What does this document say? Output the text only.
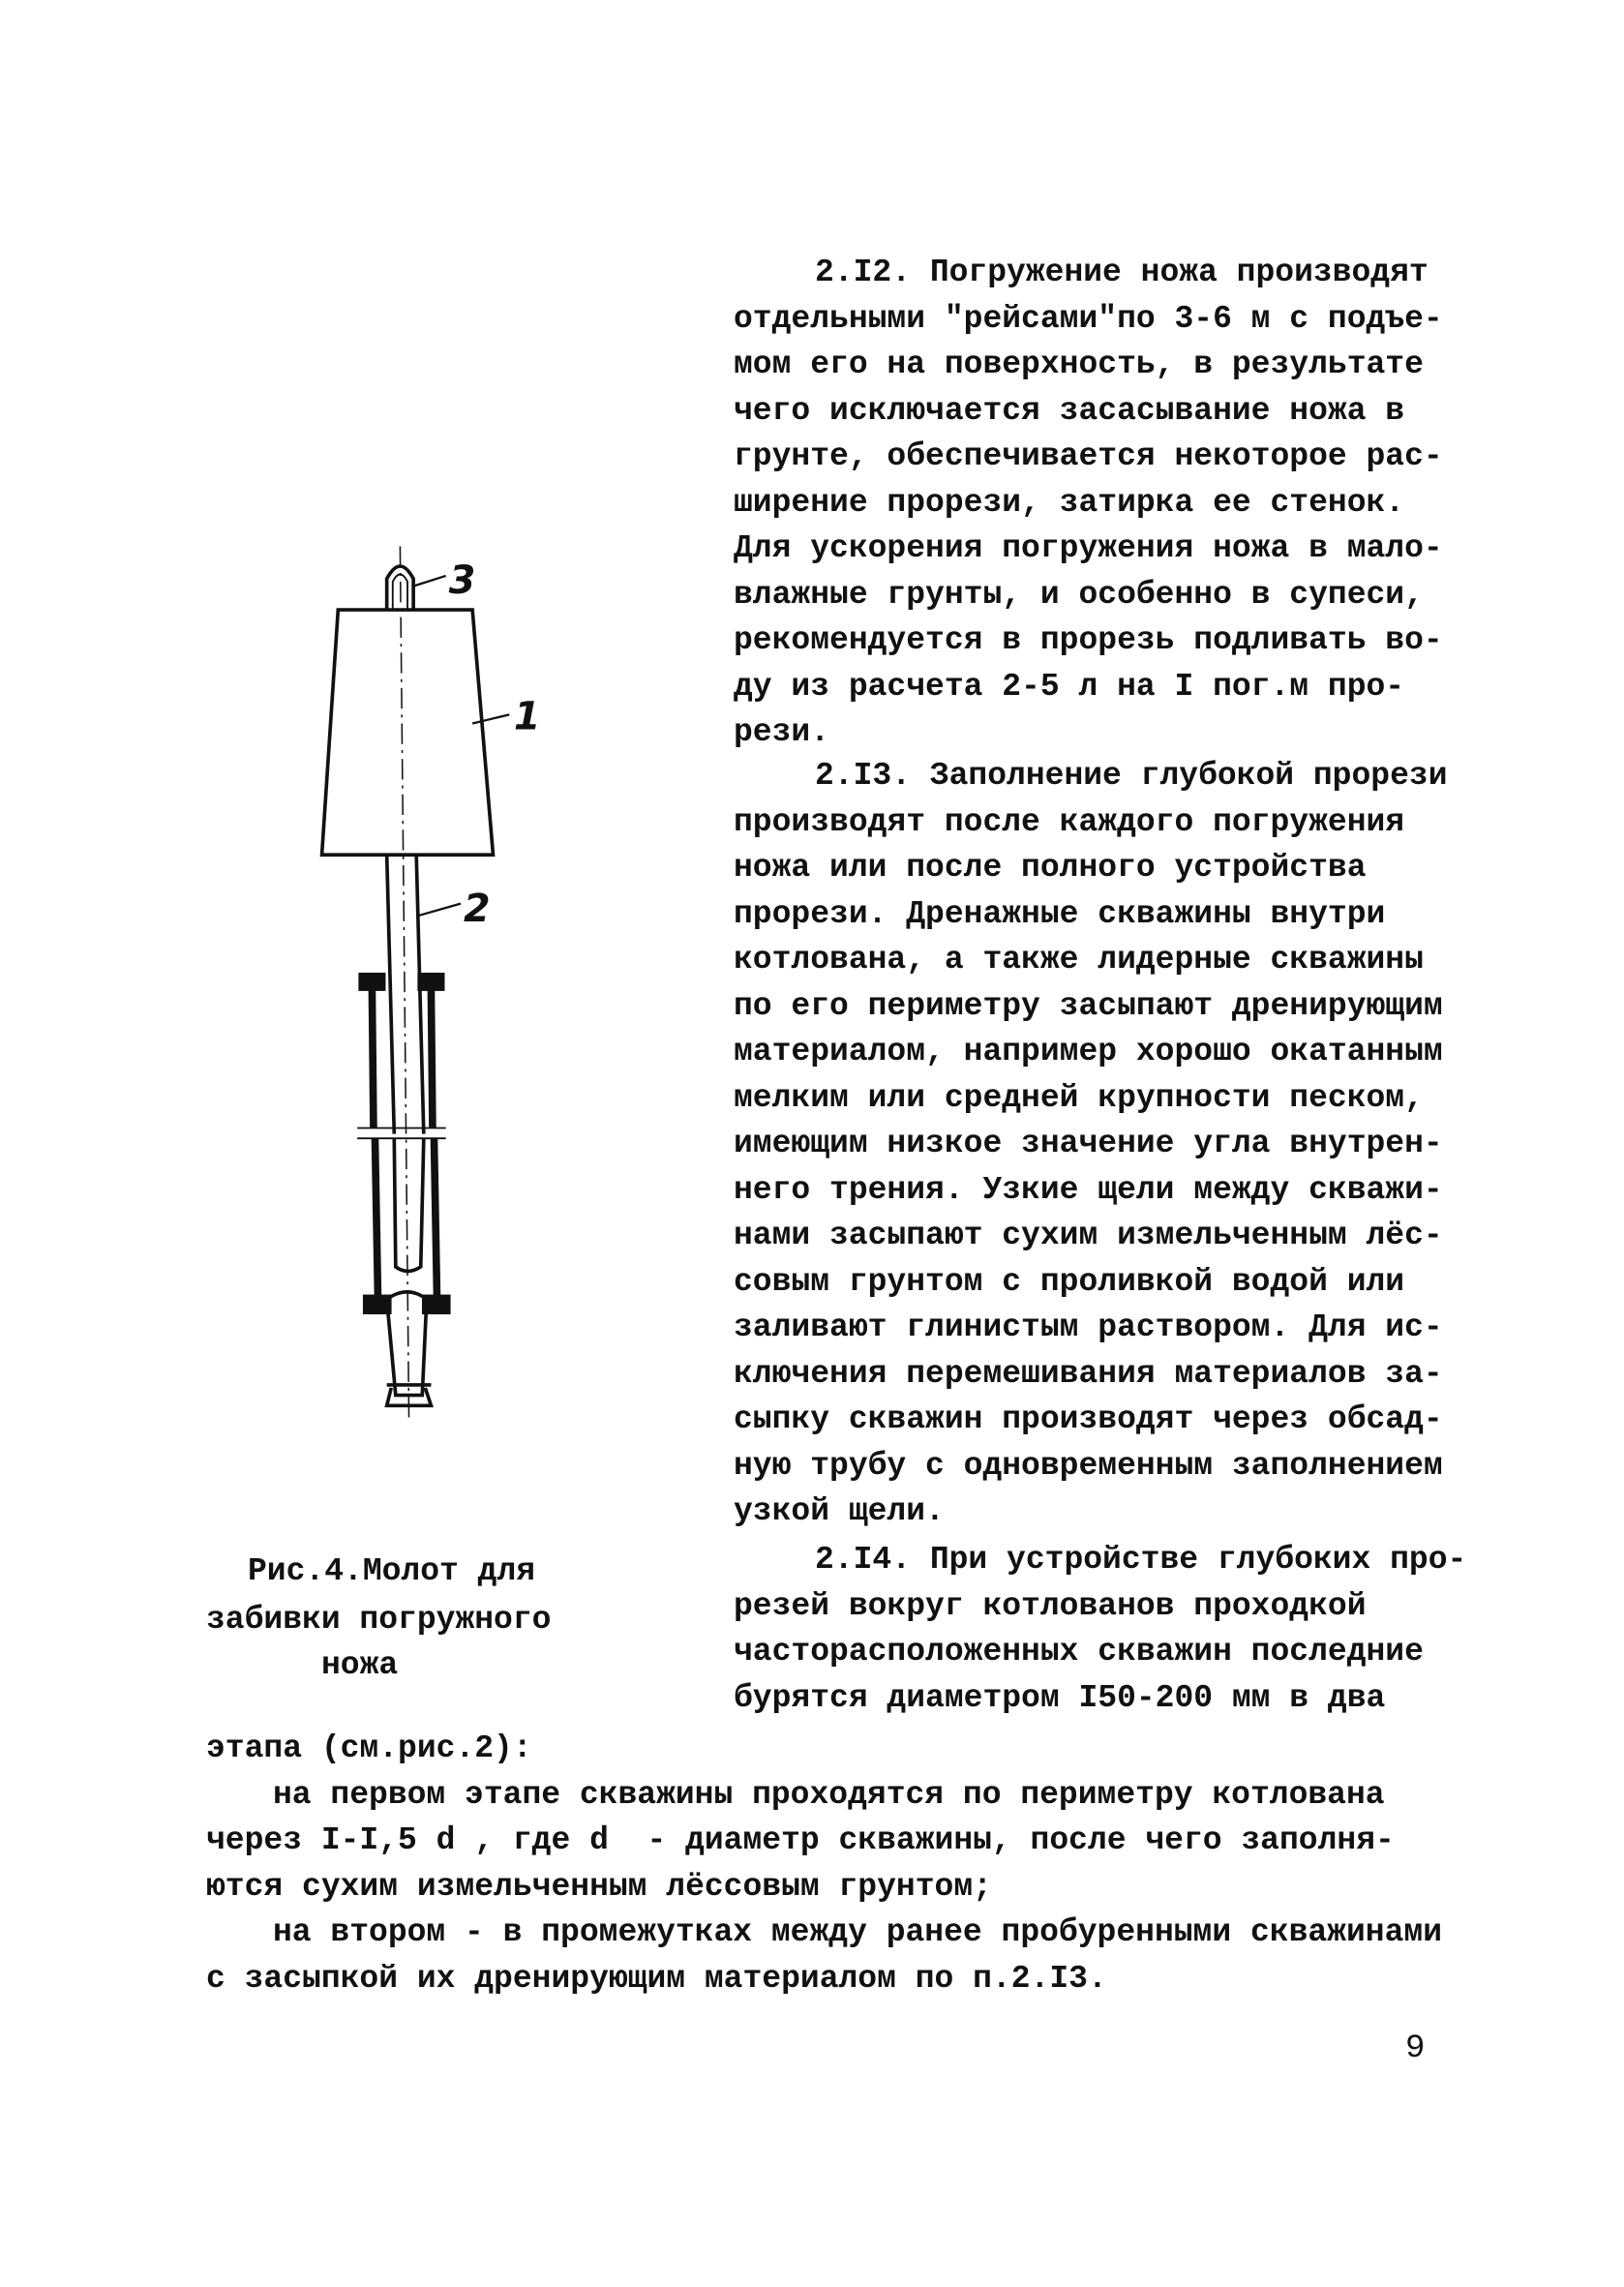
3
1
2
2.I2. Погружение ножа производят
отдельными "рейсами"по 3-6 м с подъе-
мом его на поверхность, в результате
чего исключается засасывание ножа в
грунте, обеспечивается некоторое рас-
ширение прорези, затирка ее стенок.
Для ускорения погружения ножа в мало-
влажные грунты, и особенно в супеси,
рекомендуется в прорезь подливать во-
ду из расчета 2-5 л на I пог.м про-
рези.
2.I3. Заполнение глубокой прорези
производят после каждого погружения
ножа или после полного устройства
прорези. Дренажные скважины внутри
котлована, а также лидерные скважины
по его периметру засыпают дренирующим
материалом, например хорошо окатанным
мелким или средней крупности песком,
имеющим низкое значение угла внутрен-
него трения. Узкие щели между скважи-
нами засыпают сухим измельченным лёс-
совым грунтом с проливкой водой или
заливают глинистым раствором. Для ис-
ключения перемешивания материалов за-
сыпку скважин производят через обсад-
ную трубу с одновременным заполнением
узкой щели.
2.I4. При устройстве глубоких про-
резей вокруг котлованов проходкой
часторасположенных скважин последние
бурятся диаметром I50-200 мм в два
этапа (см.рис.2):
на первом этапе скважины проходятся по периметру котлована
через I-I,5 d , где d  - диаметр скважины, после чего заполня-
ются сухим измельченным лёссовым грунтом;
на втором - в промежутках между ранее пробуренными скважинами
с засыпкой их дренирующим материалом по п.2.I3.
Рис.4.Молот для
забивки погружного
ножа
9
